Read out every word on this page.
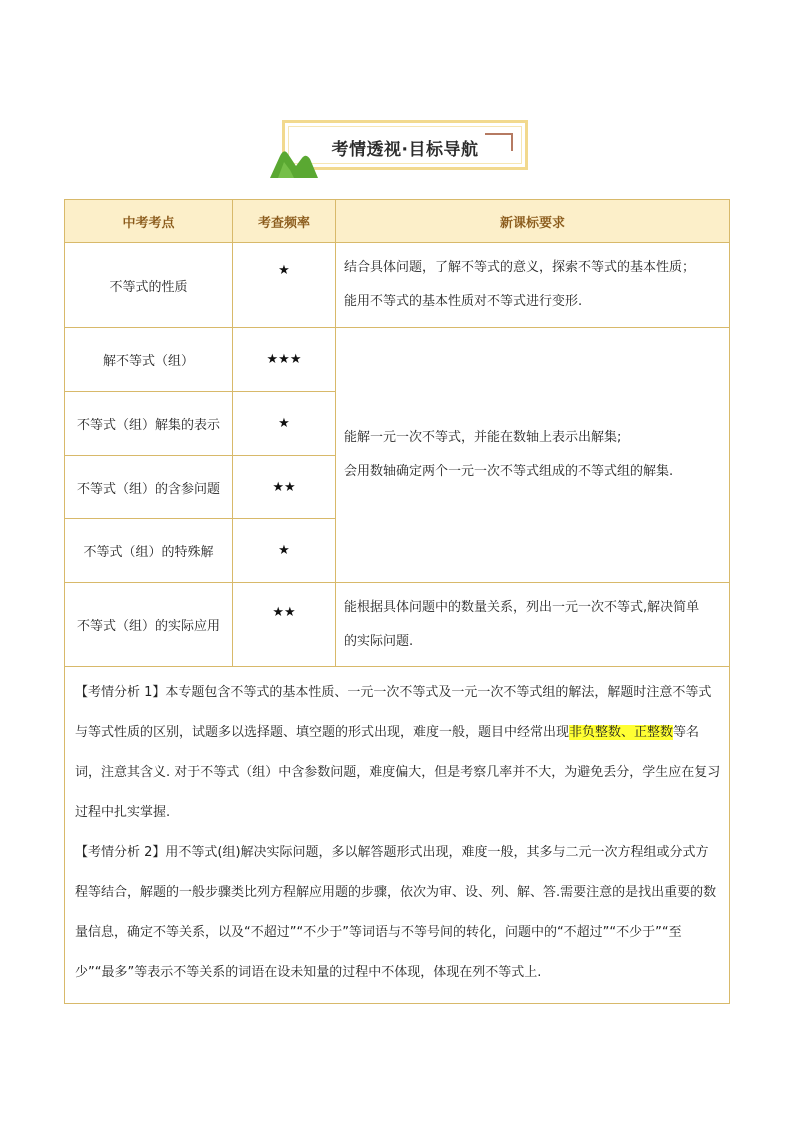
考情透视·目标导航
中考考点	考查频率	新课标要求
不等式的性质	★	结合具体问题，了解不等式的意义，探索不等式的基本性质；
能用不等式的基本性质对不等式进行变形.

解不等式（组）	★★★	能解一元一次不等式，并能在数轴上表示出解集;
会用数轴确定两个一元一次不等式组成的不等式组的解集.

不等式（组）解集的表示	★	
不等式（组）的含参问题	★★	
不等式（组）的特殊解	★	
不等式（组）的实际应用	★★	能根据具体问题中的数量关系，列出一元一次不等式,解决简单
的实际问题.

【考情分析 1】本专题包含不等式的基本性质、一元一次不等式及一元一次不等式组的解法，解题时注意不等式与等式性质的区别，试题多以选择题、填空题的形式出现，难度一般，题目中经常出现非负整数、正整数等名词，注意其含义. 对于不等式（组）中含参数问题，难度偏大，但是考察几率并不大，为避免丢分，学生应在复习过程中扎实掌握.
【考情分析 2】用不等式(组)解决实际问题，多以解答题形式出现，难度一般，其多与二元一次方程组或分式方程等结合，解题的一般步骤类比列方程解应用题的步骤，依次为审、设、列、解、答.需要注意的是找出重要的数量信息，确定不等关系，以及“不超过”“不少于”等词语与不等号间的转化，问题中的“不超过”“不少于”“至少”“最多”等表示不等关系的词语在设未知量的过程中不体现，体现在列不等式上.		
